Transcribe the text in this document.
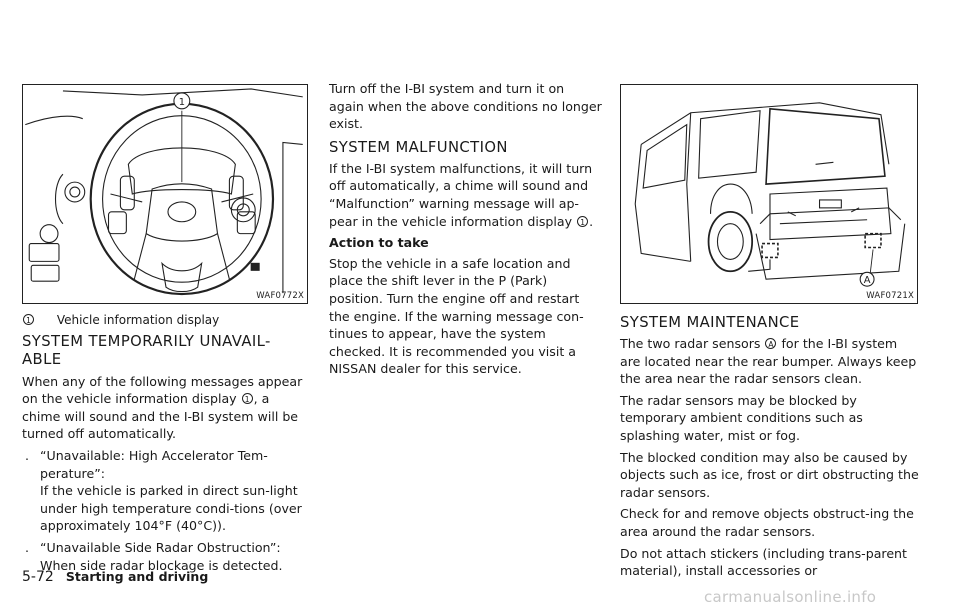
1
WAF0772X

1 Vehicle information display

SYSTEM TEMPORARILY UNAVAIL-
ABLE

When any of the following messages appear on the vehicle information display 1 , a chime will sound and the I-BI system will be turned off automatically.

. “Unavailable: High Accelerator Tem-perature”:

If the vehicle is parked in direct sun-light under high temperature condi-tions (over approximately 104°F (40°C)).

. “Unavailable Side Radar Obstruction”:

When side radar blockage is detected.

Turn off the I-BI system and turn it on again when the above conditions no longer exist.

SYSTEM MALFUNCTION

If the I-BI system malfunctions, it will turn off automatically, a chime will sound and “Malfunction” warning message will ap-pear in the vehicle information display 1 .

Action to take

Stop the vehicle in a safe location and place the shift lever in the P (Park) position. Turn the engine off and restart the engine. If the warning message con-tinues to appear, have the system checked. It is recommended you visit a NISSAN dealer for this service.

A
WAF0721X
SYSTEM MAINTENANCE

The two radar sensors A for the I-BI system are located near the rear bumper. Always keep the area near the radar sensors clean.

The radar sensors may be blocked by temporary ambient conditions such as splashing water, mist or fog.

The blocked condition may also be caused by objects such as ice, frost or dirt obstructing the radar sensors.

Check for and remove objects obstruct-ing the area around the radar sensors.

Do not attach stickers (including trans-parent material), install accessories or

5-72 Starting and driving
carmanualsonline.info
